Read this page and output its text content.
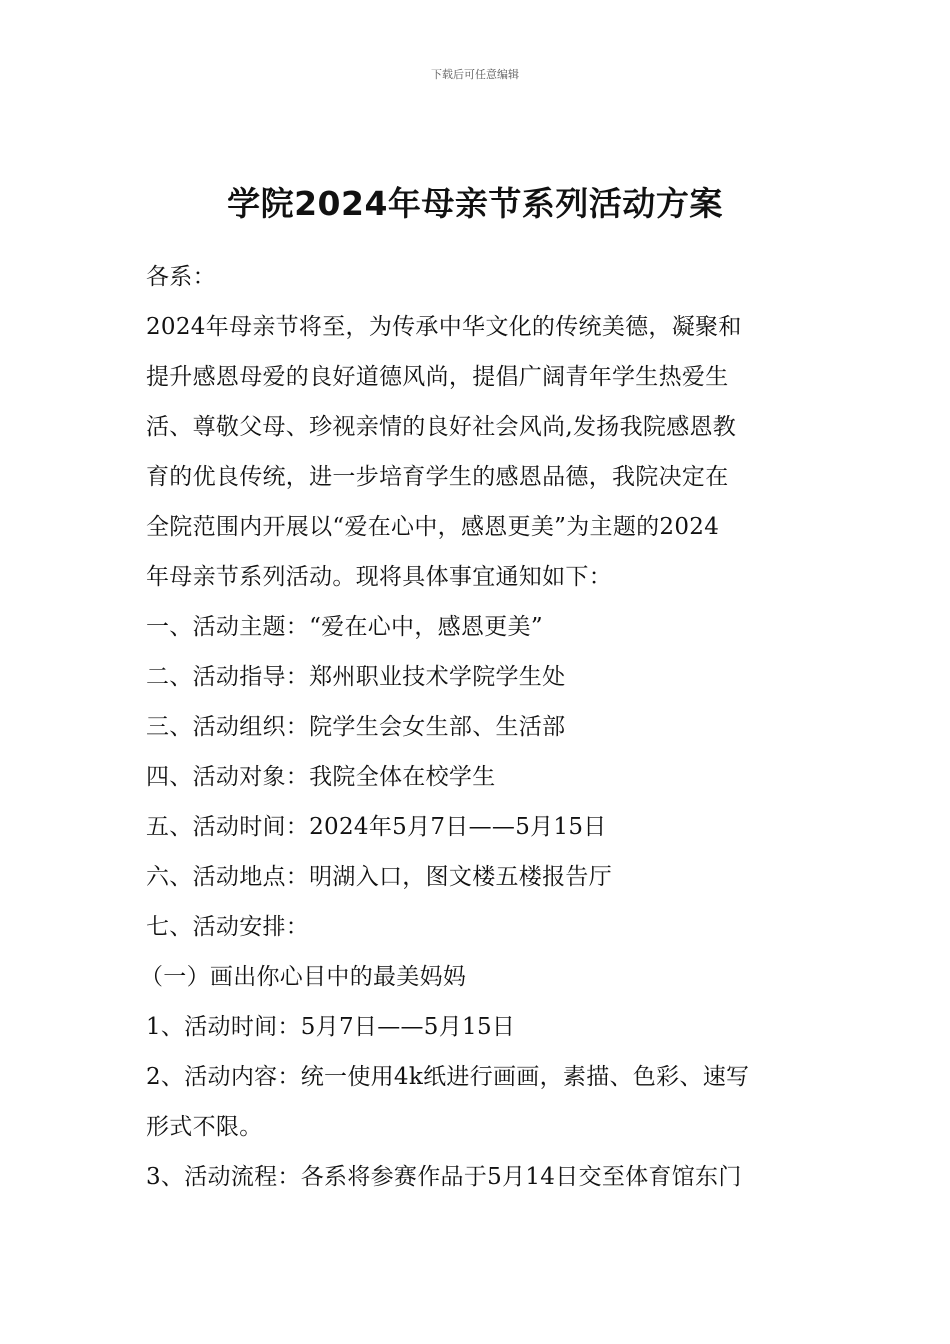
下载后可任意编辑
学院2024年母亲节系列活动方案
各系：
2024年母亲节将至，为传承中华文化的传统美德，凝聚和
提升感恩母爱的良好道德风尚，提倡广阔青年学生热爱生
活、尊敬父母、珍视亲情的良好社会风尚,发扬我院感恩教
育的优良传统，进一步培育学生的感恩品德，我院决定在
全院范围内开展以“爱在心中，感恩更美”为主题的2024
年母亲节系列活动。现将具体事宜通知如下：
一、活动主题：“爱在心中，感恩更美”
二、活动指导：郑州职业技术学院学生处
三、活动组织：院学生会女生部、生活部
四、活动对象：我院全体在校学生
五、活动时间：2024年5月7日——5月15日
六、活动地点：明湖入口，图文楼五楼报告厅
七、活动安排：
（一）画出你心目中的最美妈妈
1、活动时间：5月7日——5月15日
2、活动内容：统一使用4k纸进行画画，素描、色彩、速写
形式不限。
3、活动流程：各系将参赛作品于5月14日交至体育馆东门
